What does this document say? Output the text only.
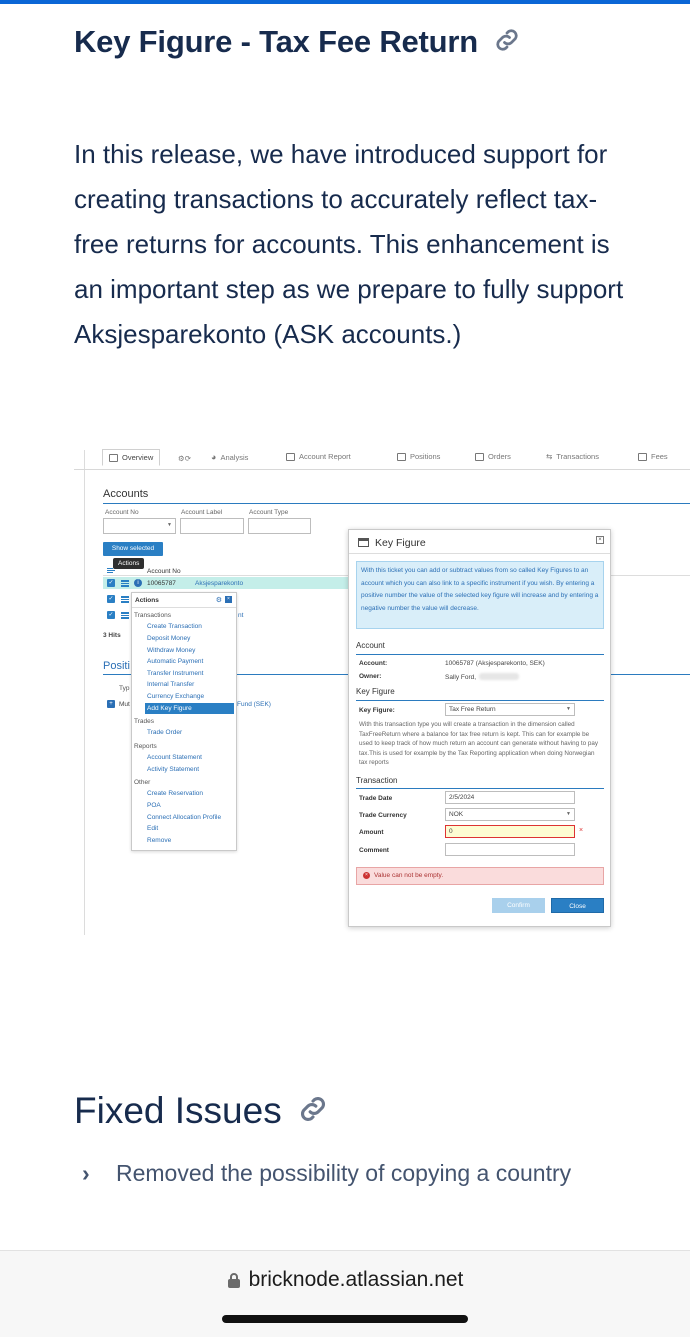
Key Figure - Tax Fee Return

In this release, we have introduced support for creating transactions to accurately reflect tax-free returns for accounts. This enhancement is an important step as we prepare to fully support Aksjesparekonto (ASK accounts.)

Overview	⚙⟳ ◕ Analysis	Account Report	Positions	Orders	⇆ Transactions	Fees
Accounts
Account No	Account Label	Account Type
▼
Show selected
Account No
Actions
✓	i	10065787	Aksjesparekonto
✓
✓	nt
3 Hits
Positi
Typ
+ Mut	Fund (SEK)
Actions	⚙	×
Transactions
Create Transaction
Deposit Money
Withdraw Money
Automatic Payment
Transfer Instrument
Internal Transfer
Currency Exchange
Add Key Figure
Trades
Trade Order
Reports
Account Statement
Activity Statement
Other
Create Reservation
POA
Connect Allocation Profile
Edit
Remove
Key Figure	×
With this ticket you can add or subtract values from so called Key Figures to an account which you can also link to a specific instrument if you wish. By entering a positive number the value of the selected key figure will increase and by entering a negative number the value will decrease.
Account
Account:	10065787 (Aksjesparekonto, SEK)
Owner:	Sally Ford,
Key Figure
Key Figure:	Tax Free Return	▼
With this transaction type you will create a transaction in the dimension called TaxFreeReturn where a balance for tax free return is kept. This can for example be used to keep track of how much return an account can generate without having to pay tax.This is used for example by the Tax Reporting application when doing Norwegian tax reports
Transaction
Trade Date	2/5/2024
Trade Currency	NOK	▼
Amount	0	×
Comment
× Value can not be empty.
Confirm	Close
Fixed Issues
› Removed the possibility of copying a country
bricknode.atlassian.net
